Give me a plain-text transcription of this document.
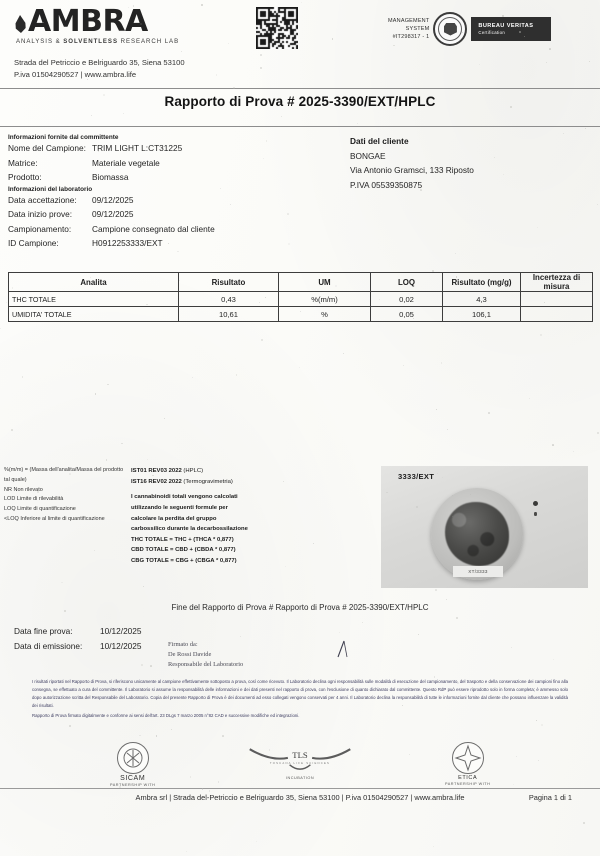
AMBRA
ANALYSIS & SOLVENTLESS RESEARCH LAB
Strada del Petriccio e Belriguardo 35, Siena 53100
P.iva 01504290527 | www.ambra.life
MANAGEMENT
SYSTEM
#IT298317 - 1
BUREAU VERITAS
Certification
Rapporto di Prova # 2025-3390/EXT/HPLC
Informazioni fornite dal committente
Nome del Campione: TRIM LIGHT L:CT31225
Matrice:	Materiale vegetale
Prodotto:	Biomassa
Informazioni del laboratorio
Data accettazione:	09/12/2025
Data inizio prove:	09/12/2025
Campionamento:	Campione consegnato dal cliente
ID Campione:	H0912253333/EXT
Dati del cliente
BONGAE
Via Antonio Gramsci, 133 Riposto
P.IVA 05539350875
Analita	Risultato	UM	LOQ	Risultato (mg/g)	Incertezza di misura
THC TOTALE	0,43	%(m/m)	0,02	4,3	
UMIDITA' TOTALE	10,61	%	0,05	106,1	
%(m/m) = (Massa dell'analita/Massa del prodotto tal quale)
NR Non rilevato
LOD Limite di rilevabilità
LOQ Limite di quantificazione
<LOQ Inferiore al limite di quantificazione
IST01 REV03 2022 (HPLC)
IST16 REV02 2022 (Termogravimetria)
I cannabinoidi totali vengono calcolati utilizzando le seguenti formule per calcolare la perdita del gruppo carbossilico durante la decarbossilazione
THC TOTALE = THC + (THCA * 0,877)
CBD TOTALE = CBD + (CBDA * 0,877)
CBG TOTALE = CBG + (CBGA * 0,877)
3333/EXT
XT/3333
Fine del Rapporto di Prova # Rapporto di Prova # 2025-3390/EXT/HPLC
Data fine prova:	10/12/2025
Data di emissione:	10/12/2025	Firmato da:
De Rossi Davide
Responsabile del Laboratorio

I risultati riportati nel Rapporto di Prova, si riferiscono unicamente al campione effettivamente sottoposto a prova, così come ricevuto. Il Laboratorio declina ogni responsabilità sulle modalità di esecuzione del campionamento, del trasporto e della conservazione dei campioni fino alla consegna, se effettuato a cura del committente. Il Laboratorio si assume la responsabilità delle informazioni e dei dati presenti nel rapporto di prova, con l'esclusione di quanto dichiarato dal committente. Questo RdP può essere riprodotto solo in forma completa; è ammesso solo dopo autorizzazione scritta del Responsabile del Laboratorio. Copia del presente Rapporto di Prova è dei documenti ad esso collegati vengono conservati per 4 anni. Il Laboratorio declina la responsabilità di tutte le informazioni fornite dal cliente che possano influenzare la validità dei risultati.

Rapporto di Prova firmato digitalmente e conforme ai sensi dell'art. 23 DLgs 7 marzo 2005 n°82 CAD e successive modifiche ed integrazioni.

SICAM
PARTNERSHIP WITH
TLS
TOSCANA LIFE SCIENCES
INCUBATION	ETICA
PARTNERSHIP WITH
Ambra srl | Strada del-Petriccio e Belriguardo 35, Siena 53100 | P.iva 01504290527 | www.ambra.life	Pagina 1 di 1
